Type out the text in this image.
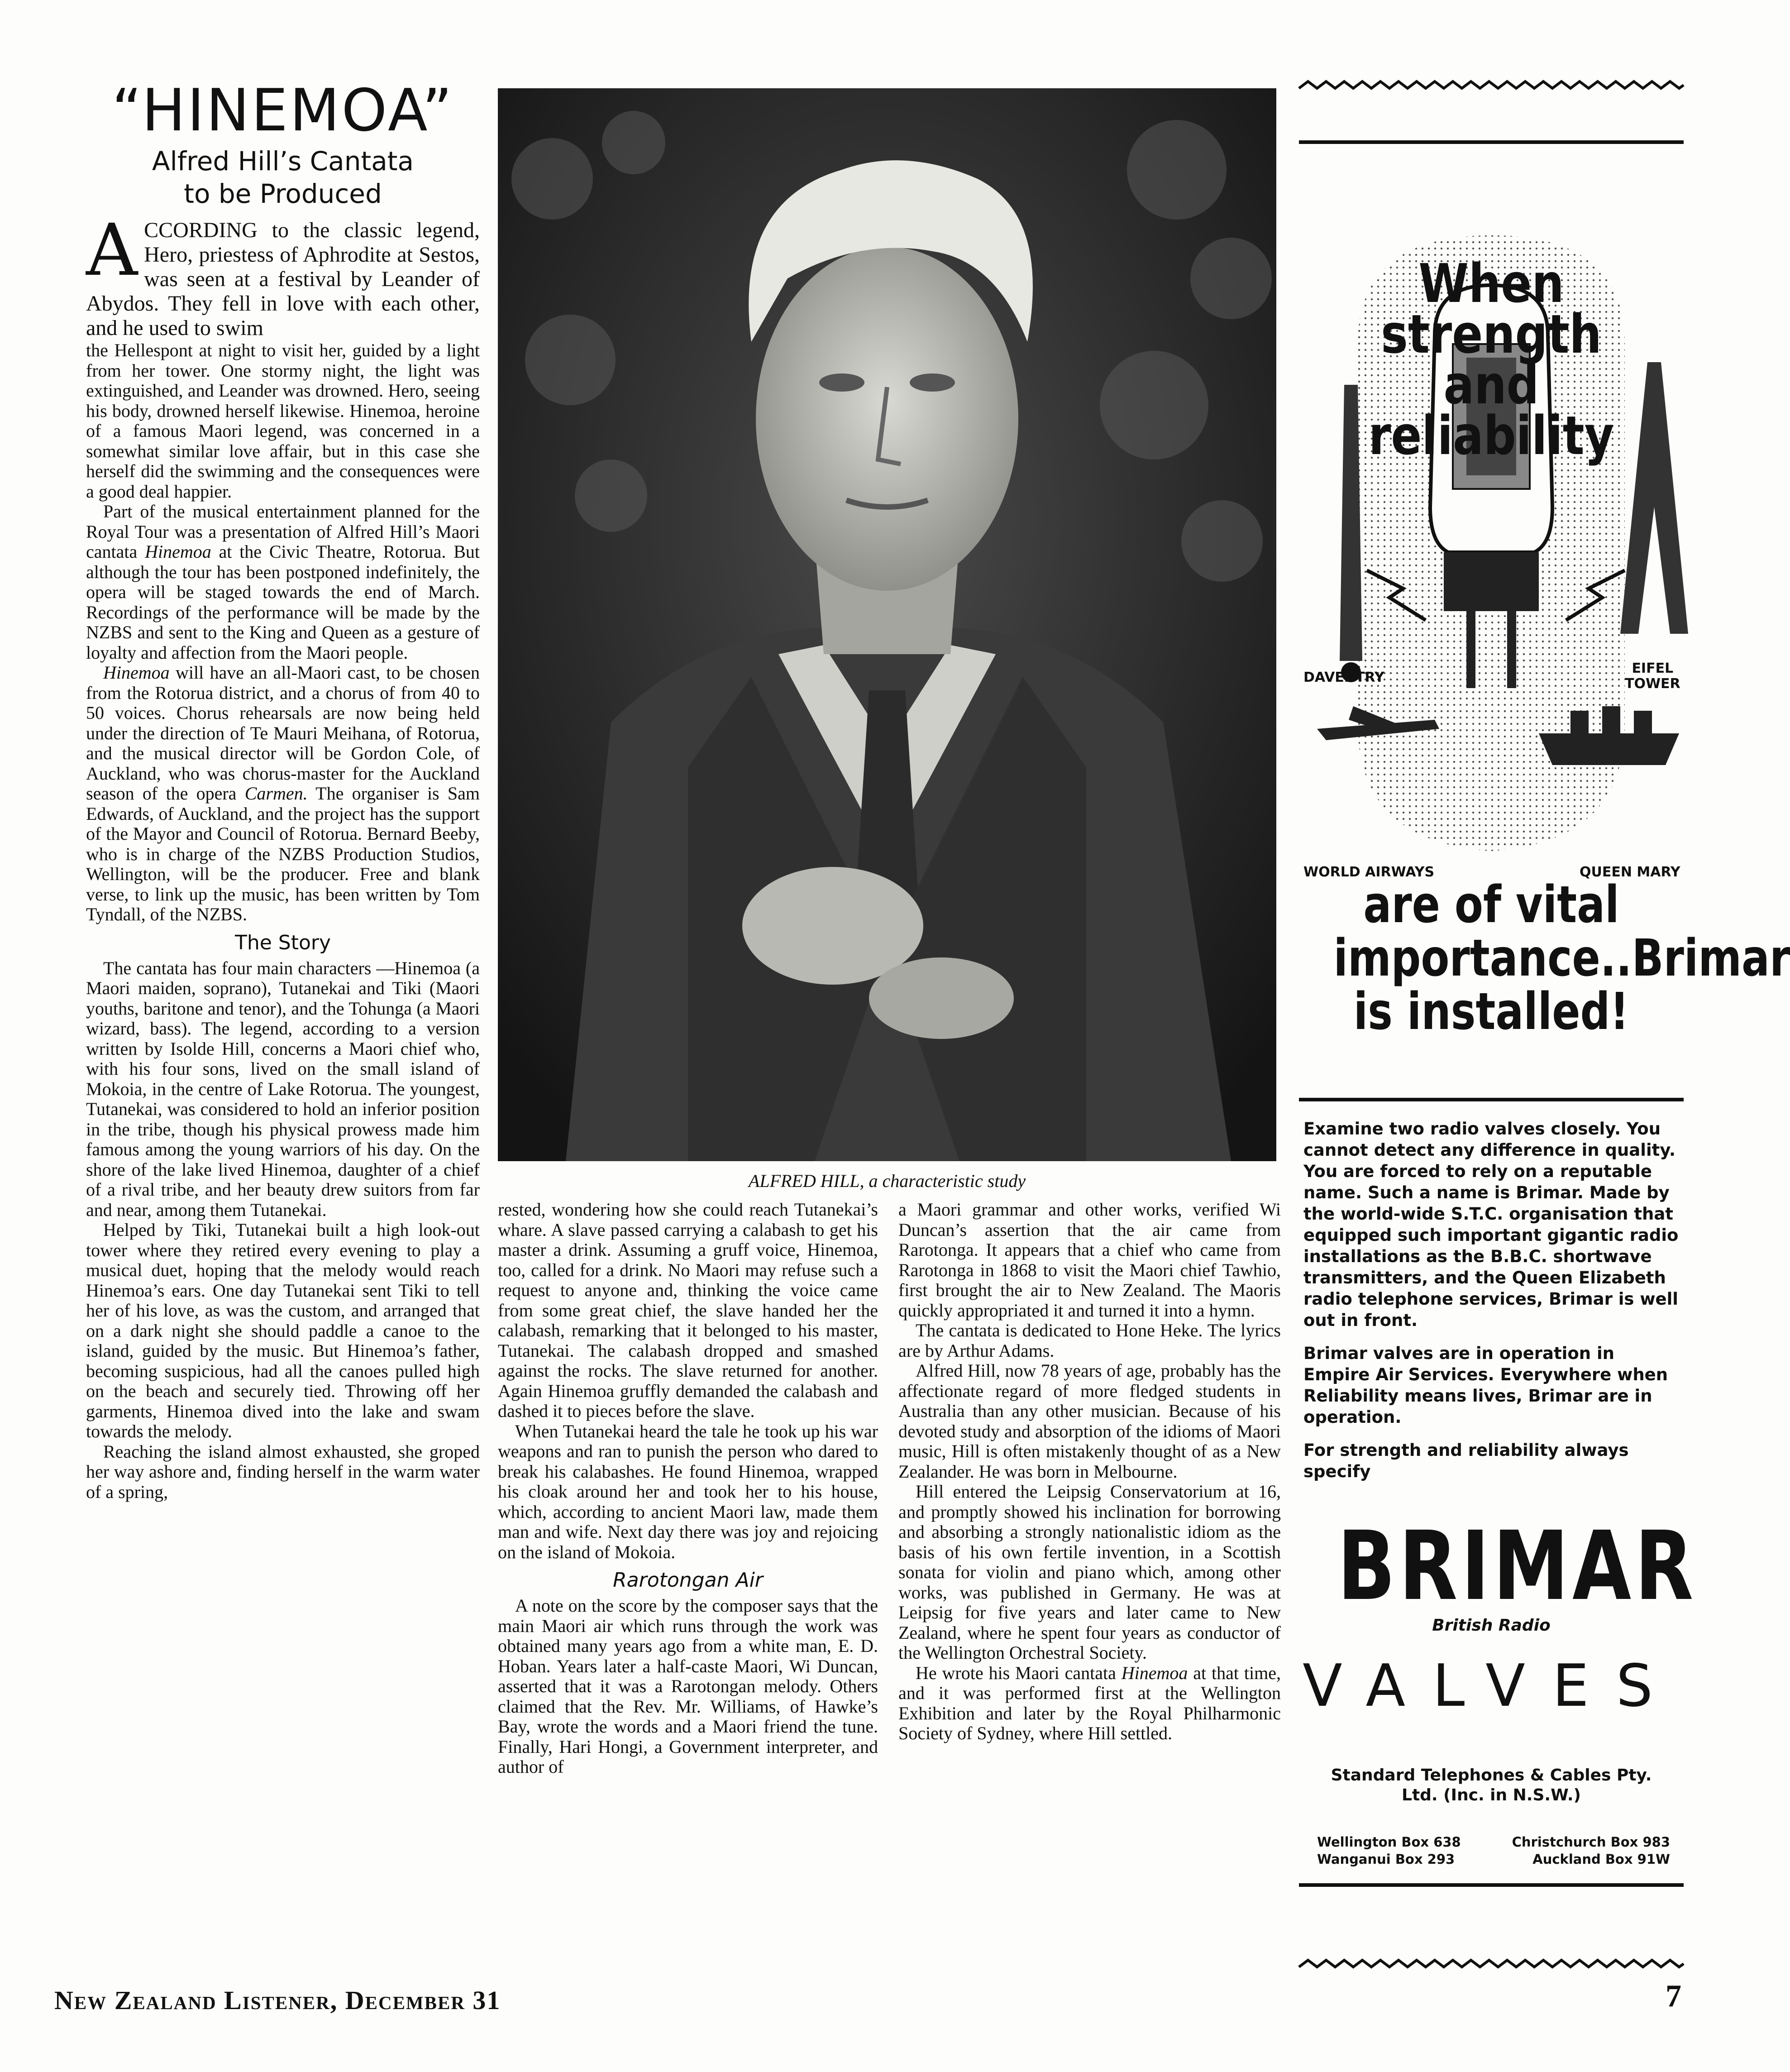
“HINEMOA”
Alfred Hill’s Cantata
to be Produced

ACCORDING to the classic legend, Hero, priestess of Aphrodite at Sestos, was seen at a festival by Leander of Abydos. They fell in love with each other, and he used to swim

the Hellespont at night to visit her, guided by a light from her tower. One stormy night, the light was extinguished, and Leander was drowned. Hero, seeing his body, drowned herself likewise. Hinemoa, heroine of a famous Maori legend, was concerned in a somewhat similar love affair, but in this case she herself did the swimming and the consequences were a good deal happier.

Part of the musical entertainment planned for the Royal Tour was a presentation of Alfred Hill’s Maori cantata Hinemoa at the Civic Theatre, Rotorua. But although the tour has been postponed indefinitely, the opera will be staged towards the end of March. Recordings of the performance will be made by the NZBS and sent to the King and Queen as a gesture of loyalty and affection from the Maori people.

Hinemoa will have an all-Maori cast, to be chosen from the Rotorua district, and a chorus of from 40 to 50 voices. Chorus rehearsals are now being held under the direction of Te Mauri Meihana, of Rotorua, and the musical director will be Gordon Cole, of Auckland, who was chorus-master for the Auckland season of the opera Carmen. The organiser is Sam Edwards, of Auckland, and the project has the support of the Mayor and Council of Rotorua. Bernard Beeby, who is in charge of the NZBS Production Studios, Wellington, will be the producer. Free and blank verse, to link up the music, has been written by Tom Tyndall, of the NZBS.

The Story

The cantata has four main characters —Hinemoa (a Maori maiden, soprano), Tutanekai and Tiki (Maori youths, baritone and tenor), and the Tohunga (a Maori wizard, bass). The legend, according to a version written by Isolde Hill, concerns a Maori chief who, with his four sons, lived on the small island of Mokoia, in the centre of Lake Rotorua. The youngest, Tutanekai, was considered to hold an inferior position in the tribe, though his physical prowess made him famous among the young warriors of his day. On the shore of the lake lived Hinemoa, daughter of a chief of a rival tribe, and her beauty drew suitors from far and near, among them Tutanekai.

Helped by Tiki, Tutanekai built a high look-out tower where they retired every evening to play a musical duet, hoping that the melody would reach Hinemoa’s ears. One day Tutanekai sent Tiki to tell her of his love, as was the custom, and arranged that on a dark night she should paddle a canoe to the island, guided by the music. But Hinemoa’s father, becoming suspicious, had all the canoes pulled high on the beach and securely tied. Throwing off her garments, Hinemoa dived into the lake and swam towards the melody.

Reaching the island almost exhausted, she groped her way ashore and, finding herself in the warm water of a spring,

ALFRED HILL, a characteristic study

rested, wondering how she could reach Tutanekai’s whare. A slave passed carrying a calabash to get his master a drink. Assuming a gruff voice, Hinemoa, too, called for a drink. No Maori may refuse such a request to anyone and, thinking the voice came from some great chief, the slave handed her the calabash, remarking that it belonged to his master, Tutanekai. The calabash dropped and smashed against the rocks. The slave returned for another. Again Hinemoa gruffly demanded the calabash and dashed it to pieces before the slave.

When Tutanekai heard the tale he took up his war weapons and ran to punish the person who dared to break his calabashes. He found Hinemoa, wrapped his cloak around her and took her to his house, which, according to ancient Maori law, made them man and wife. Next day there was joy and rejoicing on the island of Mokoia.

Rarotongan Air

A note on the score by the composer says that the main Maori air which runs through the work was obtained many years ago from a white man, E. D. Hoban. Years later a half-caste Maori, Wi Duncan, asserted that it was a Rarotongan melody. Others claimed that the Rev. Mr. Williams, of Hawke’s Bay, wrote the words and a Maori friend the tune. Finally, Hari Hongi, a Government interpreter, and author of

a Maori grammar and other works, verified Wi Duncan’s assertion that the air came from Rarotonga. It appears that a chief who came from Rarotonga in 1868 to visit the Maori chief Tawhio, first brought the air to New Zealand. The Maoris quickly appropriated it and turned it into a hymn.

The cantata is dedicated to Hone Heke. The lyrics are by Arthur Adams.

Alfred Hill, now 78 years of age, probably has the affectionate regard of more fledged students in Australia than any other musician. Because of his devoted study and absorption of the idioms of Maori music, Hill is often mistakenly thought of as a New Zealander. He was born in Melbourne.

Hill entered the Leipsig Conservatorium at 16, and promptly showed his inclination for borrowing and absorbing a strongly nationalistic idiom as the basis of his own fertile invention, in a Scottish sonata for violin and piano which, among other works, was published in Germany. He was at Leipsig for five years and later came to New Zealand, where he spent four years as conductor of the Wellington Orchestral Society.

He wrote his Maori cantata Hinemoa at that time, and it was performed first at the Wellington Exhibition and later by the Royal Philharmonic Society of Sydney, where Hill settled.

When strength and
reliability
DAVENTRY
EIFEL
TOWER
WORLD AIRWAYS	QUEEN MARY
are of vital
importance..Brimar
is installed!

Examine two radio valves closely. You cannot detect any difference in quality. You are forced to rely on a reputable name. Such a name is Brimar. Made by the world-wide S.T.C. organisation that equipped such important gigantic radio installations as the B.B.C. shortwave transmitters, and the Queen Elizabeth radio telephone services, Brimar is well out in front.

Brimar valves are in operation in Empire Air Services. Everywhere when Reliability means lives, Brimar are in operation.

For strength and reliability always specify

BRIMAR
British Radio
VALVES
Standard Telephones & Cables Pty.
Ltd. (Inc. in N.S.W.)
Wellington Box 638	Christchurch Box 983
Wanganui Box 293	Auckland Box 91W
New Zealand Listener, December 31	7
